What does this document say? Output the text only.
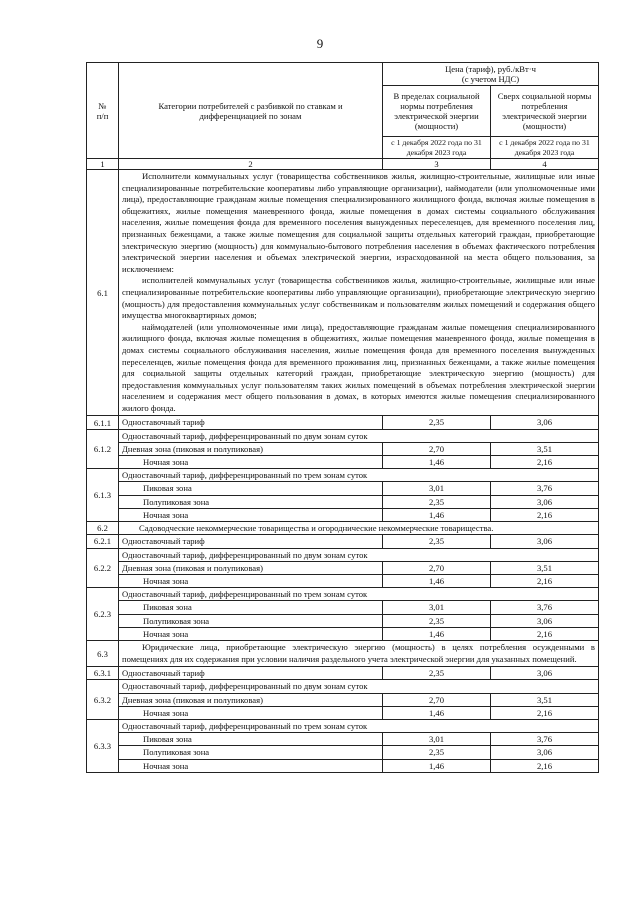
9
№
п/п	Категории потребителей с разбивкой по ставкам и дифференциацией по зонам	Цена (тариф), руб./кВт·ч
(с учетом НДС)	
		В пределах социальной нормы потребления электрической энергии (мощности)	Сверх социальной нормы потребления электрической энергии (мощности)
		с 1 декабря 2022 года по 31 декабря 2023 года	с 1 декабря 2022 года по 31 декабря 2023 года
1	2	3	4
6.1	Исполнители коммунальных услуг (товарищества собственников жилья, жилищно-строительные, жилищные или иные специализированные потребительские кооперативы либо управляющие организации), наймодатели (или уполномоченные ими лица), предоставляющие гражданам жилые помещения специализированного жилищного фонда, включая жилые помещения в общежитиях, жилые помещения маневренного фонда, жилые помещения в домах системы социального обслуживания населения, жилые помещения фонда для временного поселения вынужденных переселенцев, для временного поселения лиц, признанных беженцами, а также жилые помещения для социальной защиты отдельных категорий граждан, приобретающие электрическую энергию (мощность) для коммунально-бытового потребления населения в объемах фактического потребления электрической энергии населения и объемах электрической энергии, израсходованной на места общего пользования, за исключением:

исполнителей коммунальных услуг (товарищества собственников жилья, жилищно-строительные, жилищные или иные специализированные потребительские кооперативы либо управляющие организации), приобретающие электрическую энергию (мощность) для предоставления коммунальных услуг собственникам и пользователям жилых помещений и содержания общего имущества многоквартирных домов;

наймодателей (или уполномоченные ими лица), предоставляющие гражданам жилые помещения специализированного жилищного фонда, включая жилые помещения в общежитиях, жилые помещения маневренного фонда, жилые помещения в домах системы социального обслуживания населения, жилые помещения фонда для временного поселения вынужденных переселенцев, жилые помещения фонда для временного проживания лиц, признанных беженцами, а также жилые помещения для социальной защиты отдельных категорий граждан, приобретающие электрическую энергию (мощность) для предоставления коммунальных услуг пользователям таких жилых помещений в объемах потребления электрической энергии населением и содержания мест общего пользования в домах, в которых имеются жилые помещения специализированного жилого фонда.		

6.1.1	Одноставочный тариф	2,35	3,06
6.1.2	Одноставочный тариф, дифференцированный по двум зонам суток		
	Дневная зона (пиковая и полупиковая)	2,70	3,51
	Ночная зона	1,46	2,16
6.1.3	Одноставочный тариф, дифференцированный по трем зонам суток		
	Пиковая зона	3,01	3,76
	Полупиковая зона	2,35	3,06
	Ночная зона	1,46	2,16
6.2	Садоводческие некоммерческие товарищества и огороднические некоммерческие товарищества.		
6.2.1	Одноставочный тариф	2,35	3,06
6.2.2	Одноставочный тариф, дифференцированный по двум зонам суток		
	Дневная зона (пиковая и полупиковая)	2,70	3,51
	Ночная зона	1,46	2,16
6.2.3	Одноставочный тариф, дифференцированный по трем зонам суток		
	Пиковая зона	3,01	3,76
	Полупиковая зона	2,35	3,06
	Ночная зона	1,46	2,16
6.3	Юридические лица, приобретающие электрическую энергию (мощность) в целях потребления осужденными в помещениях для их содержания при условии наличия раздельного учета электрической энергии для указанных помещений.		

6.3.1	Одноставочный тариф	2,35	3,06
6.3.2	Одноставочный тариф, дифференцированный по двум зонам суток		
	Дневная зона (пиковая и полупиковая)	2,70	3,51
	Ночная зона	1,46	2,16
6.3.3	Одноставочный тариф, дифференцированный по трем зонам суток		
	Пиковая зона	3,01	3,76
	Полупиковая зона	2,35	3,06
	Ночная зона	1,46	2,16
